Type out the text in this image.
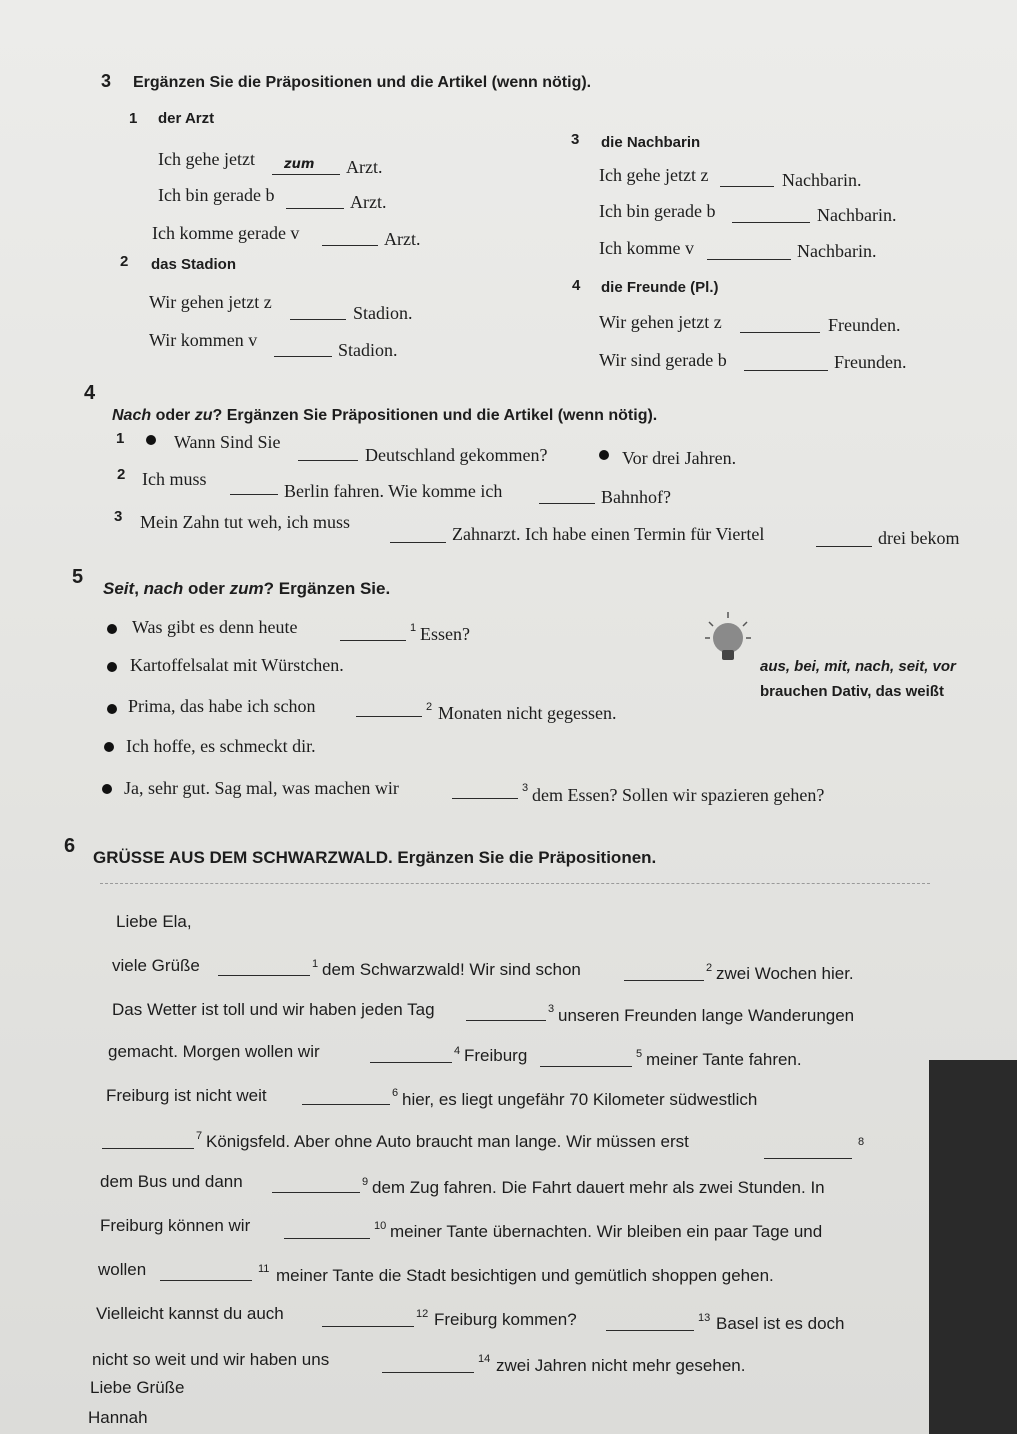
3 Ergänzen Sie die Präpositionen und die Artikel (wenn nötig).
1 der Arzt
Ich gehe jetzt zum Arzt.
Ich bin gerade b	Arzt.
Ich komme gerade v	Arzt.
2 das Stadion
Wir gehen jetzt z
Stadion.
Wir kommen v	Stadion.
3 die Nachbarin
Ich gehe jetzt z	Nachbarin.
Ich bin gerade b	Nachbarin.
Ich komme v	Nachbarin.
4 die Freunde (Pl.)
Wir gehen jetzt z	Freunden.
Wir sind gerade b	Freunden.
4
Nach oder zu? Ergänzen Sie Präpositionen und die Artikel (wenn nötig).
1	Wann Sind Sie
Deutschland gekommen?	Vor drei Jahren.
2 Ich muss
Berlin fahren. Wie komme ich	Bahnhof?
3 Mein Zahn tut weh, ich muss
Zahnarzt. Ich habe einen Termin für Viertel	drei bekom
5
Seit, nach oder zum? Ergänzen Sie.
Was gibt es denn heute	1 Essen?
Kartoffelsalat mit Würstchen.
Prima, das habe ich schon	2 Monaten nicht gegessen.
Ich hoffe, es schmeckt dir.
Ja, sehr gut. Sag mal, was machen wir	3 dem Essen? Sollen wir spazieren gehen?
aus, bei, mit, nach, seit, vor
brauchen Dativ, das weißt
6
GRÜSSE AUS DEM SCHWARZWALD. Ergänzen Sie die Präpositionen.
Liebe Ela,
viele Grüße	1 dem Schwarzwald! Wir sind schon	2 zwei Wochen hier.
Das Wetter ist toll und wir haben jeden Tag	3 unseren Freunden lange Wanderungen
gemacht. Morgen wollen wir	4 Freiburg	5 meiner Tante fahren.
Freiburg ist nicht weit	6 hier, es liegt ungefähr 70 Kilometer südwestlich
7 Königsfeld. Aber ohne Auto braucht man lange. Wir müssen erst	8
dem Bus und dann	9 dem Zug fahren. Die Fahrt dauert mehr als zwei Stunden. In
Freiburg können wir	10 meiner Tante übernachten. Wir bleiben ein paar Tage und
wollen	11 meiner Tante die Stadt besichtigen und gemütlich shoppen gehen.
Vielleicht kannst du auch	12 Freiburg kommen?	13 Basel ist es doch
nicht so weit und wir haben uns	14 zwei Jahren nicht mehr gesehen.
Liebe Grüße
Hannah
